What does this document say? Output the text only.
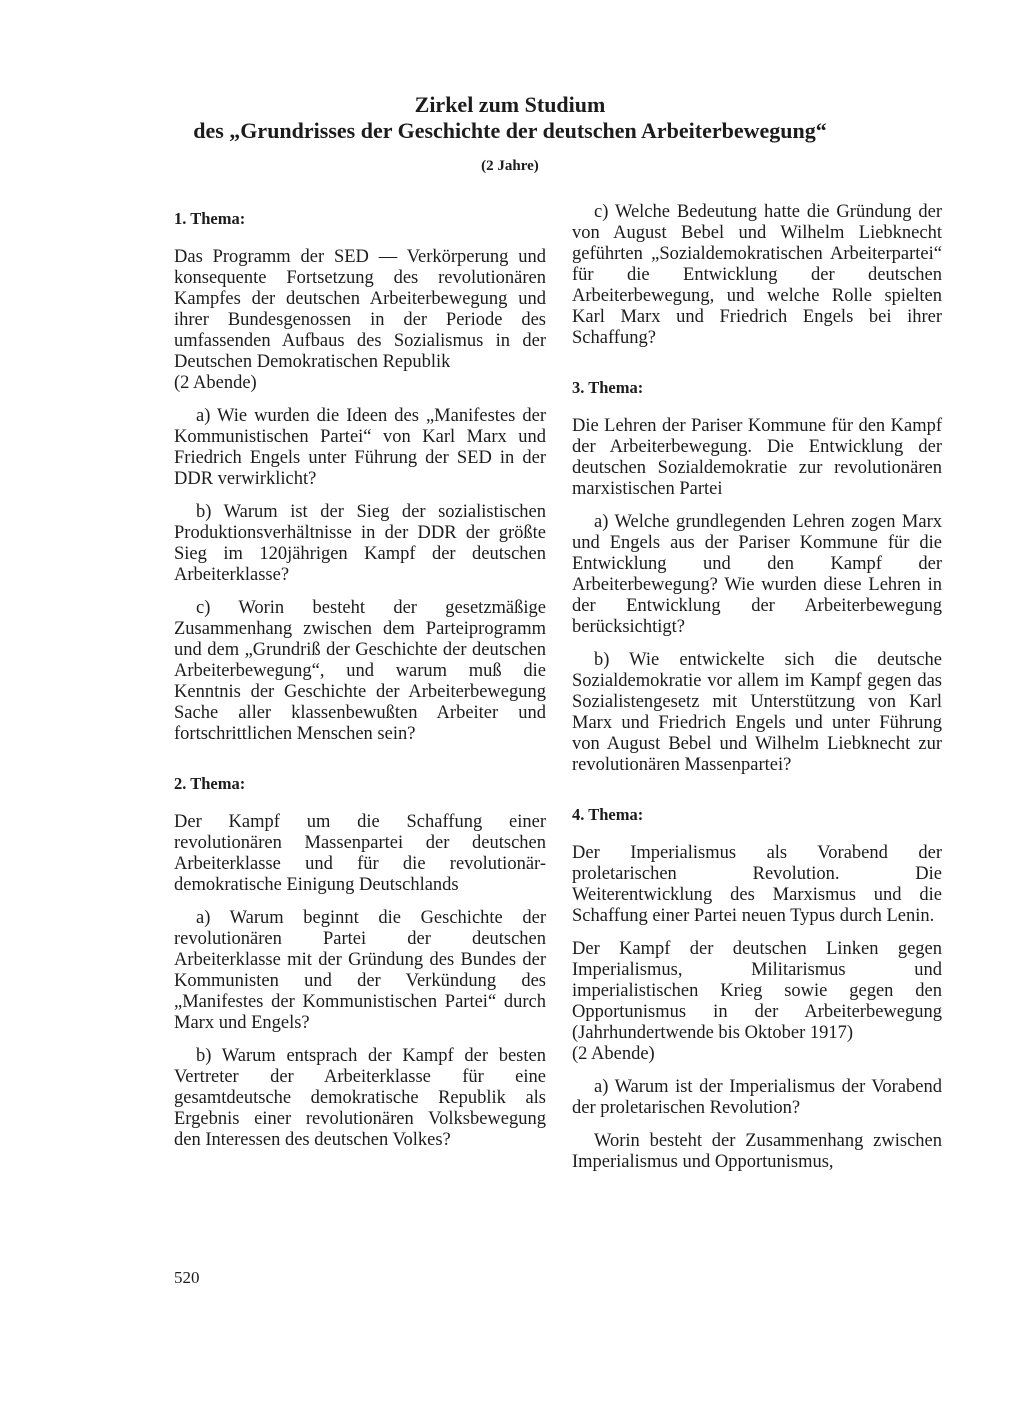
Zirkel zum Studium
des „Grundrisses der Geschichte der deutschen Arbeiterbewegung“
(2 Jahre)
1. Thema:

Das Programm der SED — Verkörperung und konsequente Fortsetzung des revolutionären Kampfes der deutschen Arbeiterbewegung und ihrer Bundesgenossen in der Periode des umfassenden Aufbaus des Sozialismus in der Deutschen Demokratischen Republik

(2 Abende)

a) Wie wurden die Ideen des „Manifestes der Kommunistischen Partei“ von Karl Marx und Friedrich Engels unter Führung der SED in der DDR verwirklicht?

b) Warum ist der Sieg der sozialistischen Produktionsverhältnisse in der DDR der größte Sieg im 120jährigen Kampf der deutschen Arbeiterklasse?

c) Worin besteht der gesetzmäßige Zusammenhang zwischen dem Parteiprogramm und dem „Grundriß der Geschichte der deutschen Arbeiterbewegung“, und warum muß die Kenntnis der Geschichte der Arbeiterbewegung Sache aller klassenbewußten Arbeiter und fortschrittlichen Menschen sein?

2. Thema:

Der Kampf um die Schaffung einer revolutionären Massenpartei der deutschen Arbeiterklasse und für die revolutionär-demokratische Einigung Deutschlands

a) Warum beginnt die Geschichte der revolutionären Partei der deutschen Arbeiterklasse mit der Gründung des Bundes der Kommunisten und der Verkündung des „Manifestes der Kommunistischen Partei“ durch Marx und Engels?

b) Warum entsprach der Kampf der besten Vertreter der Arbeiterklasse für eine gesamtdeutsche demokratische Republik als Ergebnis einer revolutionären Volksbewegung den Interessen des deutschen Volkes?

c) Welche Bedeutung hatte die Gründung der von August Bebel und Wilhelm Liebknecht geführten „Sozialdemokratischen Arbeiterpartei“ für die Entwicklung der deutschen Arbeiterbewegung, und welche Rolle spielten Karl Marx und Friedrich Engels bei ihrer Schaffung?

3. Thema:

Die Lehren der Pariser Kommune für den Kampf der Arbeiterbewegung. Die Entwicklung der deutschen Sozialdemokratie zur revolutionären marxistischen Partei

a) Welche grundlegenden Lehren zogen Marx und Engels aus der Pariser Kommune für die Entwicklung und den Kampf der Arbeiterbewegung? Wie wurden diese Lehren in der Entwicklung der Arbeiterbewegung berücksichtigt?

b) Wie entwickelte sich die deutsche Sozialdemokratie vor allem im Kampf gegen das Sozialistengesetz mit Unterstützung von Karl Marx und Friedrich Engels und unter Führung von August Bebel und Wilhelm Liebknecht zur revolutionären Massenpartei?

4. Thema:

Der Imperialismus als Vorabend der proletarischen Revolution. Die Weiterentwicklung des Marxismus und die Schaffung einer Partei neuen Typus durch Lenin.

Der Kampf der deutschen Linken gegen Imperialismus, Militarismus und imperialistischen Krieg sowie gegen den Opportunismus in der Arbeiterbewegung (Jahrhundertwende bis Oktober 1917)

(2 Abende)

a) Warum ist der Imperialismus der Vorabend der proletarischen Revolution?

Worin besteht der Zusammenhang zwischen Imperialismus und Opportunismus,

520
